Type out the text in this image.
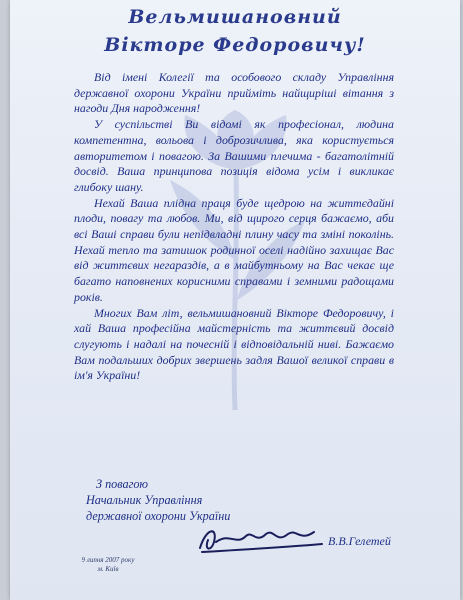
Вельмишановний
Вікторе Федоровичу!

Від імені Колегії та особового складу Управління державної охорони України прийміть найщиріші вітання з нагоди Дня народження!

У суспільстві Ви відомі як професіонал, людина компетентна, вольова і доброзичлива, яка користується авторитетом і повагою. За Вашими плечима - багатолітній досвід. Ваша принципова позиція відома усім і викликає глибоку шану.

Нехай Ваша плідна праця буде щедрою на життєдайні плоди, повагу та любов. Ми, від щирого серця бажаємо, аби всі Ваші справи були непідвладні плину часу та зміні поколінь. Нехай тепло та затишок родинної оселі надійно захищає Вас від життєвих негараздів, а в майбутньому на Вас чекає ще багато наповнених корисними справами і земними радощами років.

Многих Вам літ, вельмишановний Вікторе Федоровичу, і хай Ваша професійна майстерність та життєвий досвід слугують і надалі на почесній і відповідальній ниві. Бажаємо Вам подальших добрих звершень задля Вашої великої справи в ім'я України!

З повагою
Начальник Управління
державної охорони України
В.В.Гелетей
9 липня 2007 року
м. Київ
